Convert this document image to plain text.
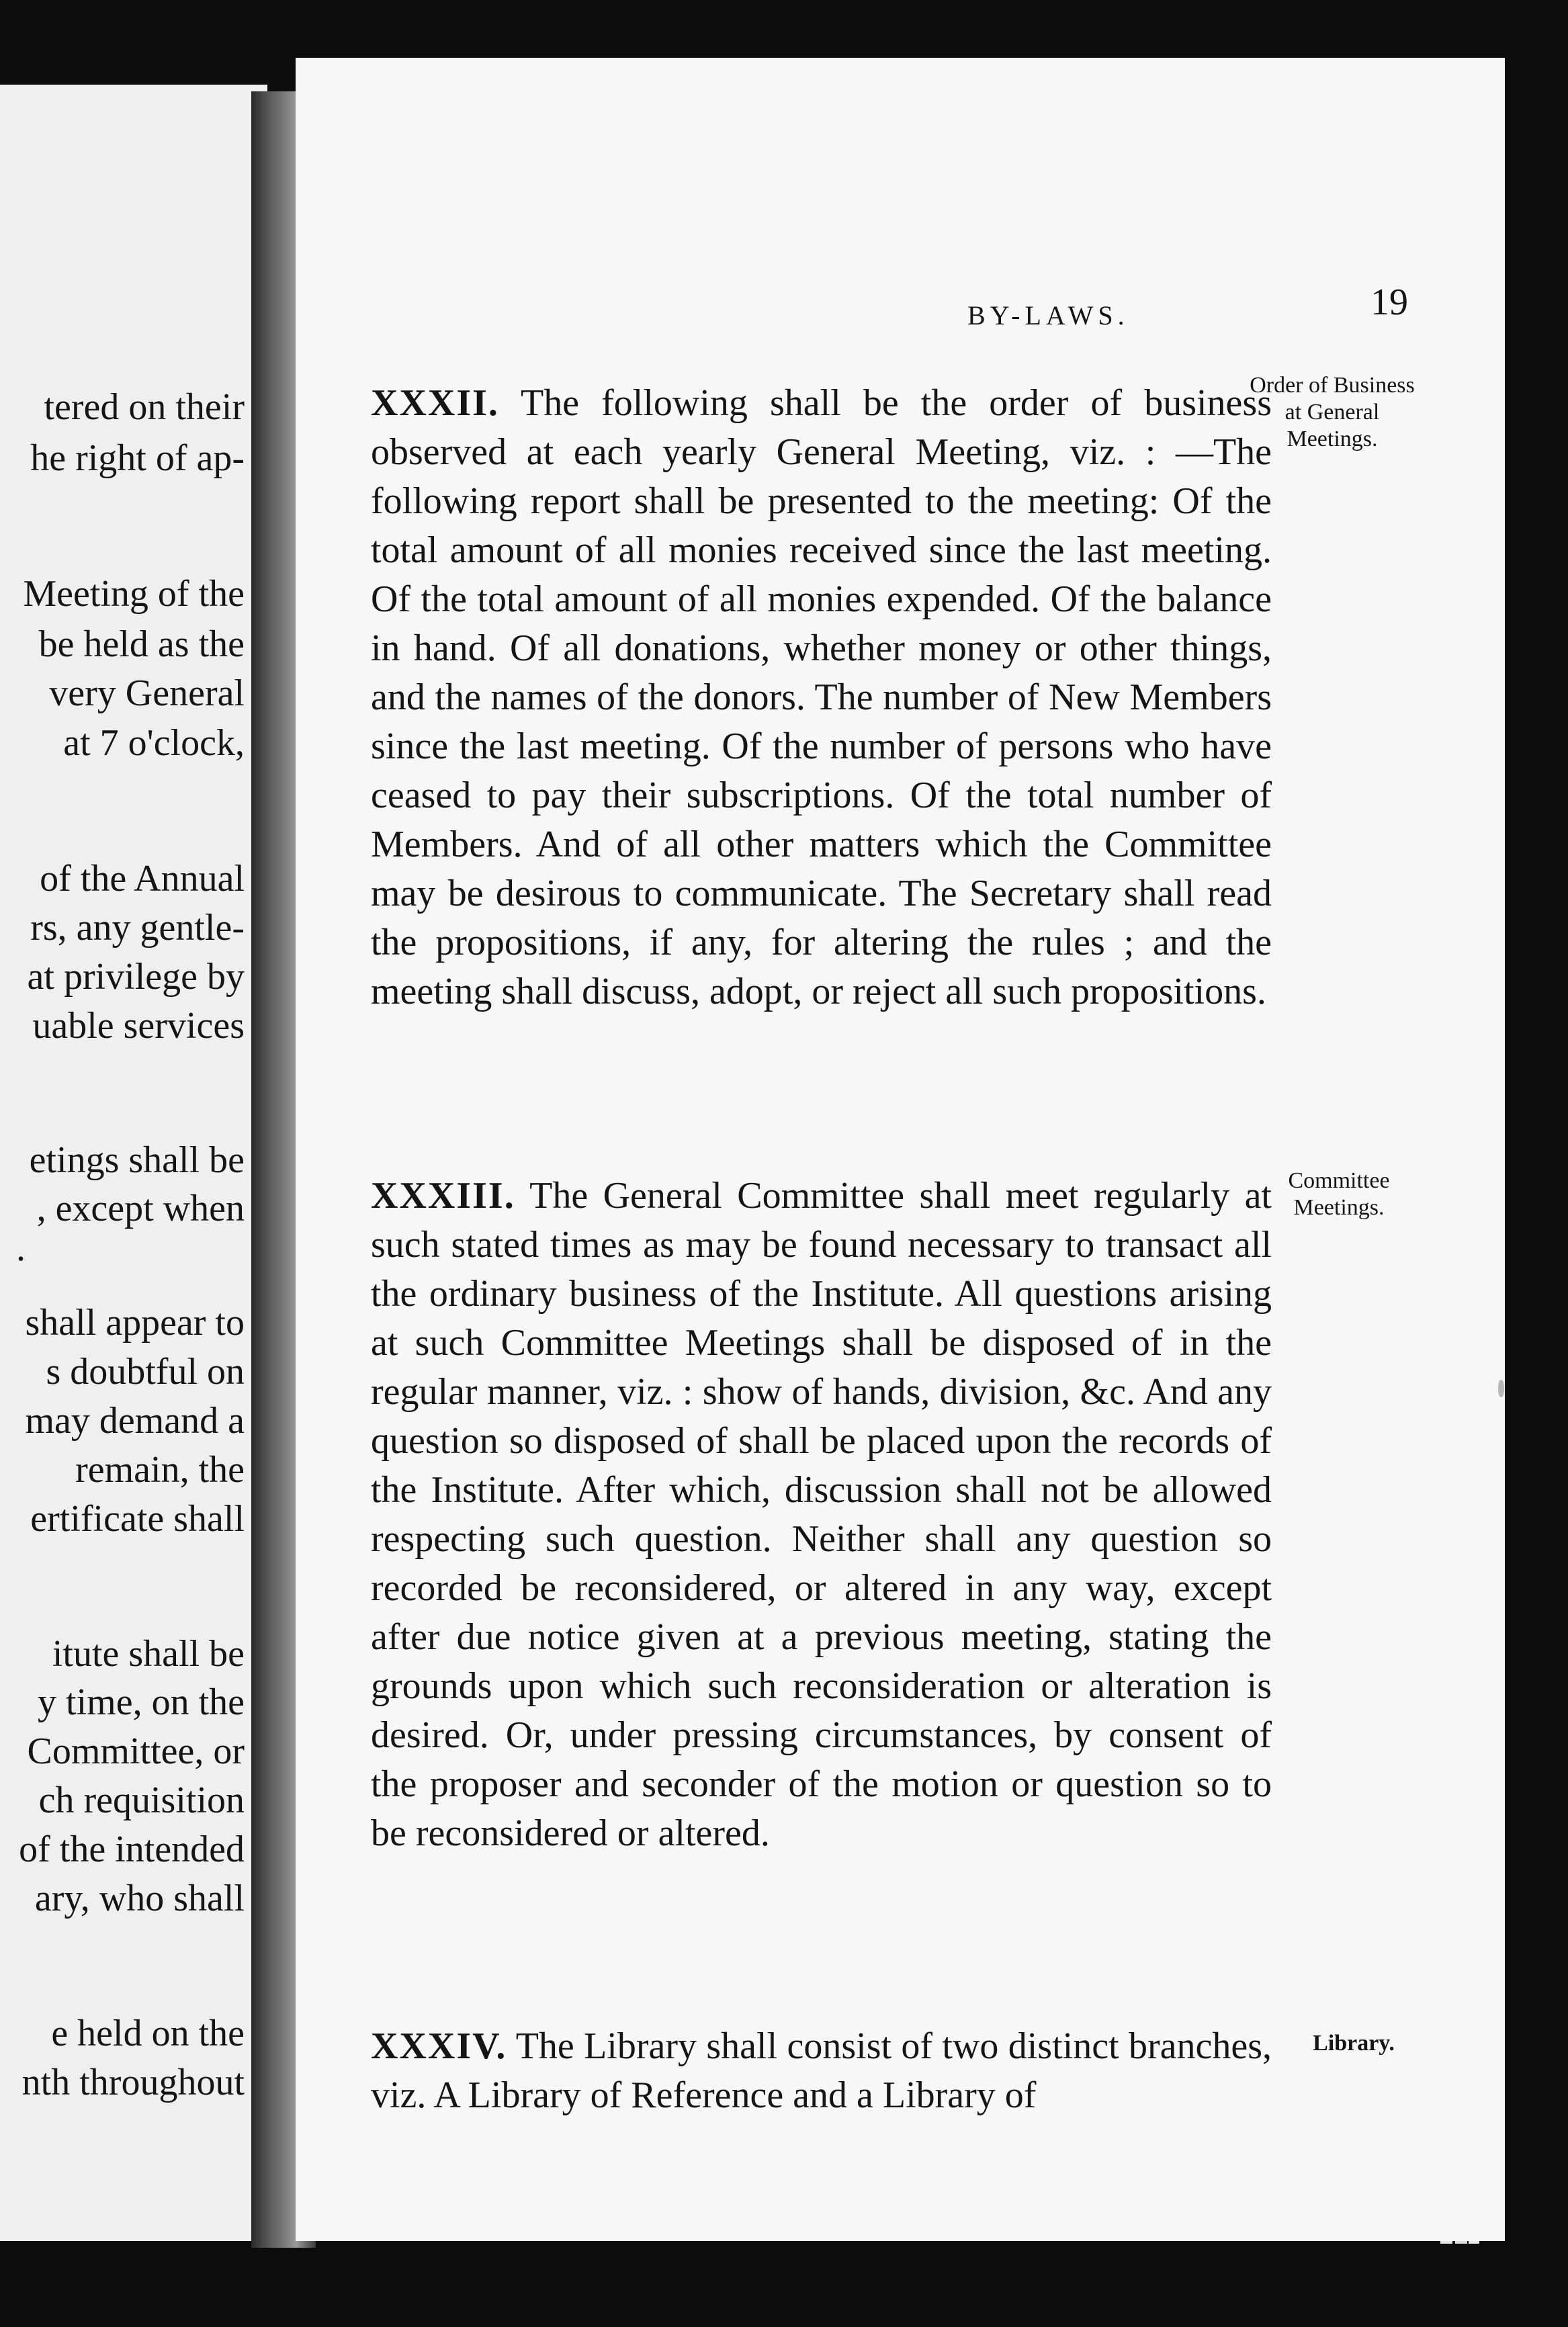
tered on their
he right of ap-
Meeting of the
be held as the
very General
at 7 o'clock,
of the Annual
rs, any gentle-
at privilege by
uable services
etings shall be
, except when
.
shall appear to
s doubtful on
may demand a
remain, the
ertificate shall
itute shall be
y time, on the
Committee, or
ch requisition
of the intended
ary, who shall
e held on the
nth throughout
BY-LAWS.	19
XXXII. The following shall be the order of business observed at each yearly General Meeting, viz. : —The following report shall be presented to the meeting: Of the total amount of all monies received since the last meeting. Of the total amount of all monies expended. Of the balance in hand. Of all donations, whether money or other things, and the names of the donors. The number of New Members since the last meeting. Of the number of persons who have ceased to pay their subscriptions. Of the total number of Members. And of all other matters which the Committee may be desirous to communicate. The Secretary shall read the propositions, if any, for altering the rules ; and the meeting shall discuss, adopt, or reject all such propositions.
Order of Business at General Meetings.
XXXIII. The General Committee shall meet regularly at such stated times as may be found necessary to transact all the ordinary business of the Institute. All questions arising at such Committee Meetings shall be disposed of in the regular manner, viz. : show of hands, division, &c. And any question so disposed of shall be placed upon the records of the Institute. After which, discussion shall not be allowed respecting such question. Neither shall any question so recorded be reconsidered, or altered in any way, except after due notice given at a previous meeting, stating the grounds upon which such reconsideration or alteration is desired. Or, under pressing circumstances, by consent of the proposer and seconder of the motion or question so to be reconsidered or altered.
Committee Meetings.
XXXIV. The Library shall consist of two distinct branches, viz. A Library of Reference and a Library of
Library.
